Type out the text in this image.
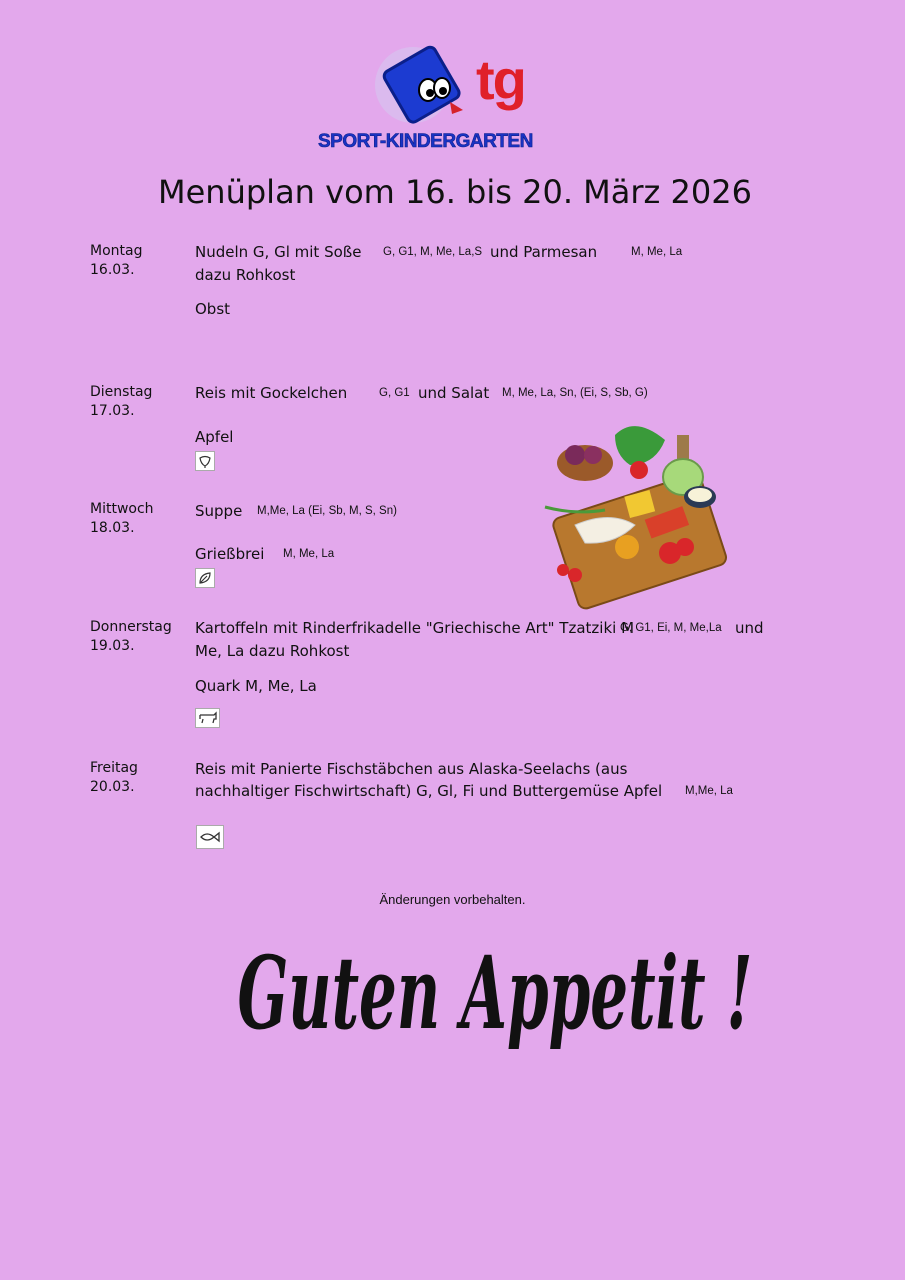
tg
SPORT-KINDERGARTEN
Menüplan vom 16. bis 20. März 2026
Montag
16.03.
Nudeln G, Gl mit Soße G, G1, M, Me, La,S und Parmesan	M, Me, La
dazu Rohkost
Obst
Dienstag
17.03.
Reis mit Gockelchen	G, G1 und Salat M, Me, La, Sn, (Ei, S, Sb, G)
Apfel
Mittwoch
18.03.
Suppe M,Me, La (Ei, Sb, M, S, Sn)
Grießbrei M, Me, La
Donnerstag
19.03.
Kartoffeln mit Rinderfrikadelle "Griechische Art" Tzatziki M
G, G1, Ei, M, Me,La und
Me, La dazu Rohkost
Quark M, Me, La
Freitag
20.03.
Reis mit Panierte Fischstäbchen aus Alaska-Seelachs (aus
nachhaltiger Fischwirtschaft) G, Gl, Fi und Buttergemüse Apfel M,Me, La
Änderungen vorbehalten.
Guten Appetit !
